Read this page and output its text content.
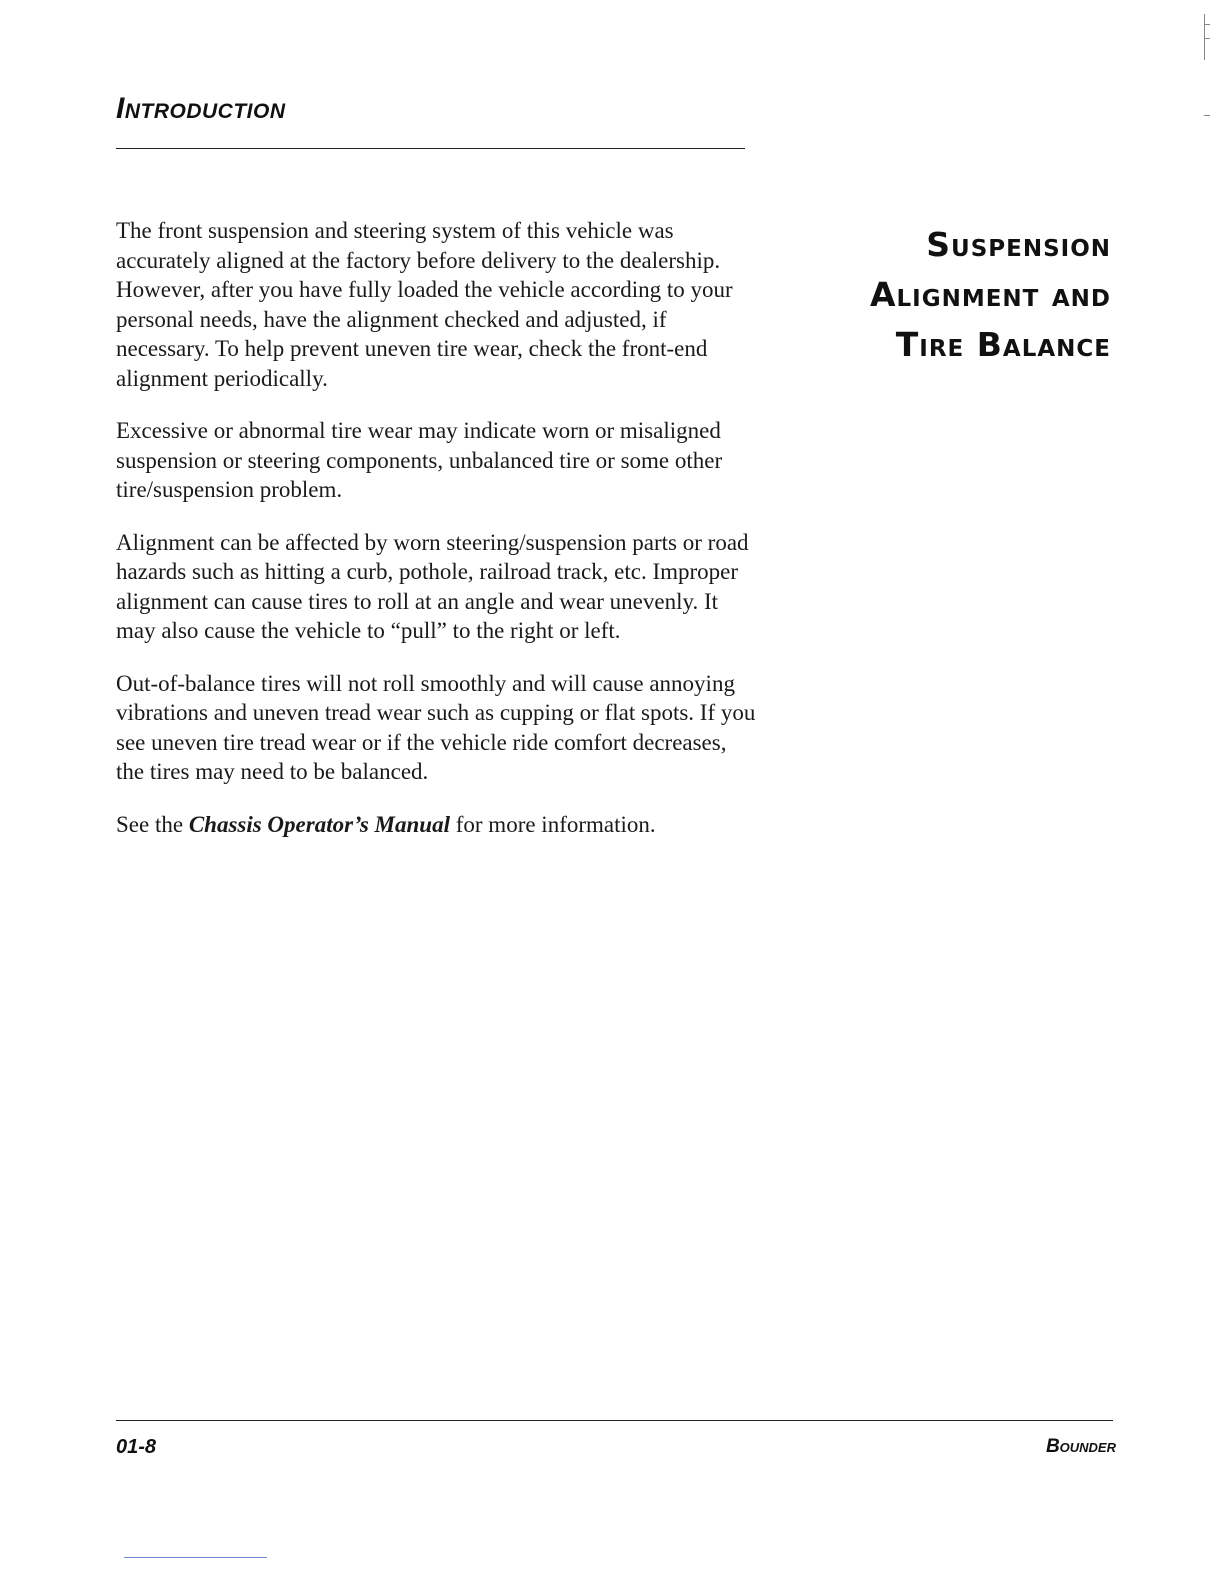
Introduction

The front suspension and steering system of this vehicle was accurately aligned at the factory before delivery to the dealership. However, after you have fully loaded the vehicle according to your personal needs, have the alignment checked and adjusted, if necessary. To help prevent uneven tire wear, check the front-end alignment periodically.

Excessive or abnormal tire wear may indicate worn or misaligned suspension or steering components, unbalanced tire or some other tire/suspension problem.

Alignment can be affected by worn steering/suspension parts or road hazards such as hitting a curb, pothole, railroad track, etc. Improper alignment can cause tires to roll at an angle and wear unevenly. It may also cause the vehicle to “pull” to the right or left.

Out-of-balance tires will not roll smoothly and will cause annoying vibrations and uneven tread wear such as cupping or flat spots. If you see uneven tire tread wear or if the vehicle ride comfort decreases, the tires may need to be balanced.

See the Chassis Operator’s Manual for more information.

Suspension
Alignment and
Tire Balance
01-8	Bounder
